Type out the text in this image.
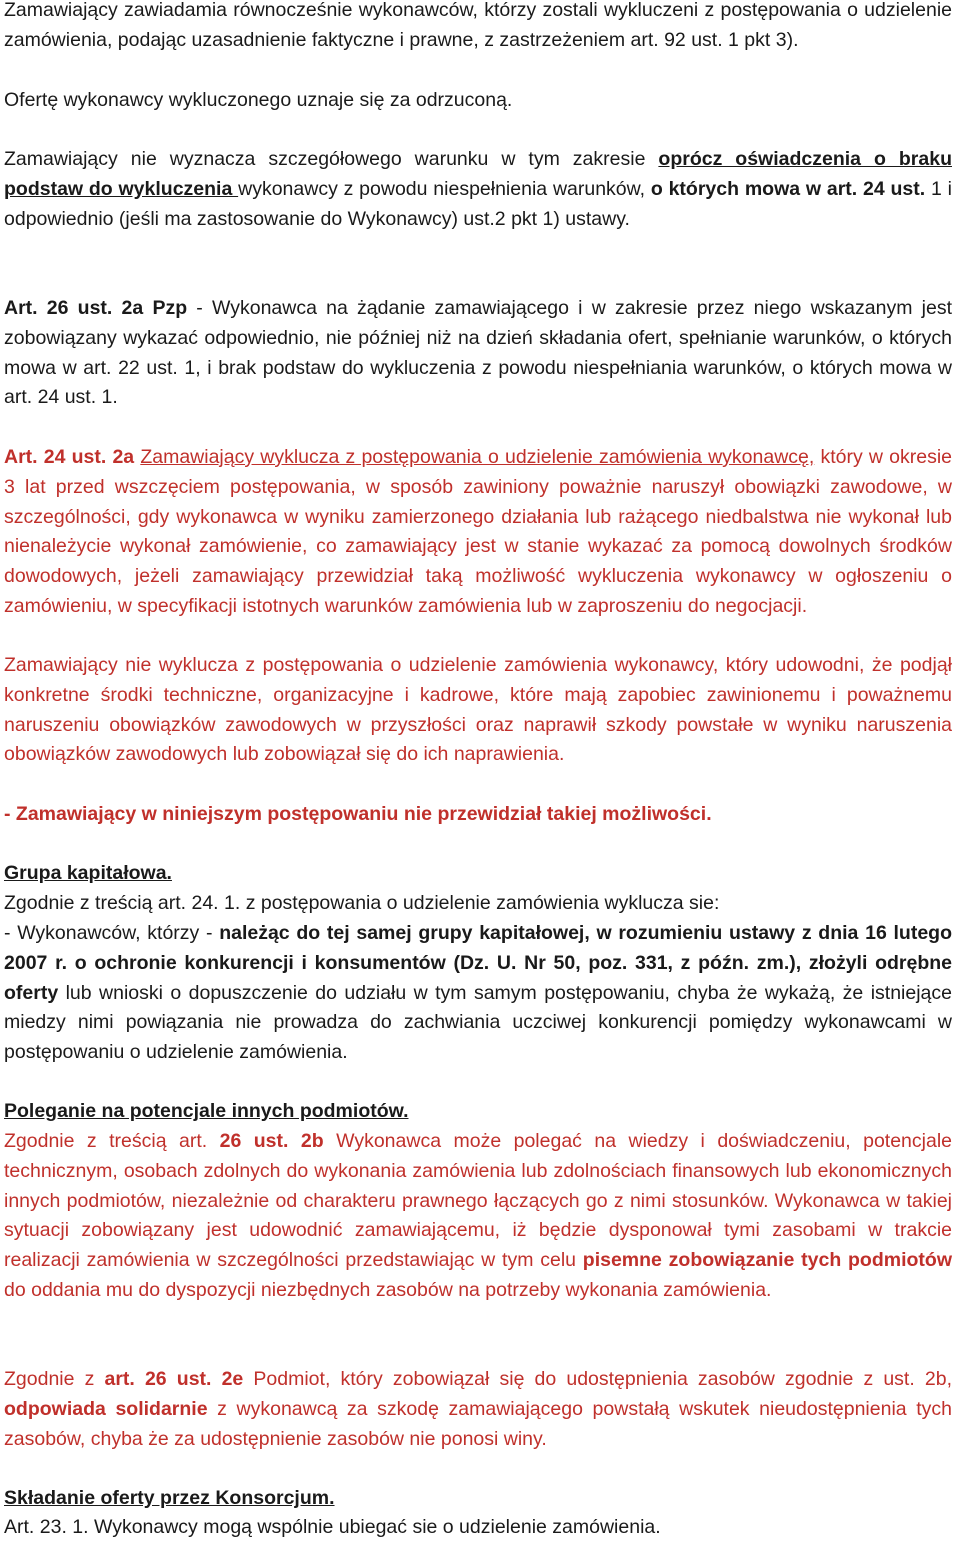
Zamawiający zawiadamia równocześnie wykonawców, którzy zostali wykluczeni z postępowania o udzielenie zamówienia, podając uzasadnienie faktyczne i prawne, z zastrzeżeniem art. 92 ust. 1 pkt 3).

Ofertę wykonawcy wykluczonego uznaje się za odrzuconą.

Zamawiający nie wyznacza szczegółowego warunku w tym zakresie oprócz oświadczenia o braku podstaw do wykluczenia wykonawcy z powodu niespełnienia warunków, o których mowa w art. 24 ust. 1 i odpowiednio (jeśli ma zastosowanie do Wykonawcy) ust.2 pkt 1) ustawy.

Art. 26 ust. 2a Pzp - Wykonawca na żądanie zamawiającego i w zakresie przez niego wskazanym jest zobowiązany wykazać odpowiednio, nie później niż na dzień składania ofert, spełnianie warunków, o których mowa w art. 22 ust. 1, i brak podstaw do wykluczenia z powodu niespełniania warunków, o których mowa w art. 24 ust. 1.

Art. 24 ust. 2a Zamawiający wyklucza z postępowania o udzielenie zamówienia wykonawcę, który w okresie 3 lat przed wszczęciem postępowania, w sposób zawiniony poważnie naruszył obowiązki zawodowe, w szczególności, gdy wykonawca w wyniku zamierzonego działania lub rażącego niedbalstwa nie wykonał lub nienależycie wykonał zamówienie, co zamawiający jest w stanie wykazać za pomocą dowolnych środków dowodowych, jeżeli zamawiający przewidział taką możliwość wykluczenia wykonawcy w ogłoszeniu o zamówieniu, w specyfikacji istotnych warunków zamówienia lub w zaproszeniu do negocjacji.

Zamawiający nie wyklucza z postępowania o udzielenie zamówienia wykonawcy, który udowodni, że podjął konkretne środki techniczne, organizacyjne i kadrowe, które mają zapobiec zawinionemu i poważnemu naruszeniu obowiązków zawodowych w przyszłości oraz naprawił szkody powstałe w wyniku naruszenia obowiązków zawodowych lub zobowiązał się do ich naprawienia.

- Zamawiający w niniejszym postępowaniu nie przewidział takiej możliwości.

Grupa kapitałowa.

Zgodnie z treścią art. 24. 1. z postępowania o udzielenie zamówienia wyklucza sie:

- Wykonawców, którzy - należąc do tej samej grupy kapitałowej, w rozumieniu ustawy z dnia 16 lutego 2007 r. o ochronie konkurencji i konsumentów (Dz. U. Nr 50, poz. 331, z późn. zm.), złożyli odrębne oferty lub wnioski o dopuszczenie do udziału w tym samym postępowaniu, chyba że wykażą, że istniejące miedzy nimi powiązania nie prowadza do zachwiania uczciwej konkurencji pomiędzy wykonawcami w postępowaniu o udzielenie zamówienia.

Poleganie na potencjale innych podmiotów.

Zgodnie z treścią art. 26 ust. 2b Wykonawca może polegać na wiedzy i doświadczeniu, potencjale technicznym, osobach zdolnych do wykonania zamówienia lub zdolnościach finansowych lub ekonomicznych innych podmiotów, niezależnie od charakteru prawnego łączących go z nimi stosunków. Wykonawca w takiej sytuacji zobowiązany jest udowodnić zamawiającemu, iż będzie dysponował tymi zasobami w trakcie realizacji zamówienia w szczególności przedstawiając w tym celu pisemne zobowiązanie tych podmiotów do oddania mu do dyspozycji niezbędnych zasobów na potrzeby wykonania zamówienia.

Zgodnie z art. 26 ust. 2e Podmiot, który zobowiązał się do udostępnienia zasobów zgodnie z ust. 2b, odpowiada solidarnie z wykonawcą za szkodę zamawiającego powstałą wskutek nieudostępnienia tych zasobów, chyba że za udostępnienie zasobów nie ponosi winy.

Składanie oferty przez Konsorcjum.

Art. 23. 1. Wykonawcy mogą wspólnie ubiegać sie o udzielenie zamówienia.
